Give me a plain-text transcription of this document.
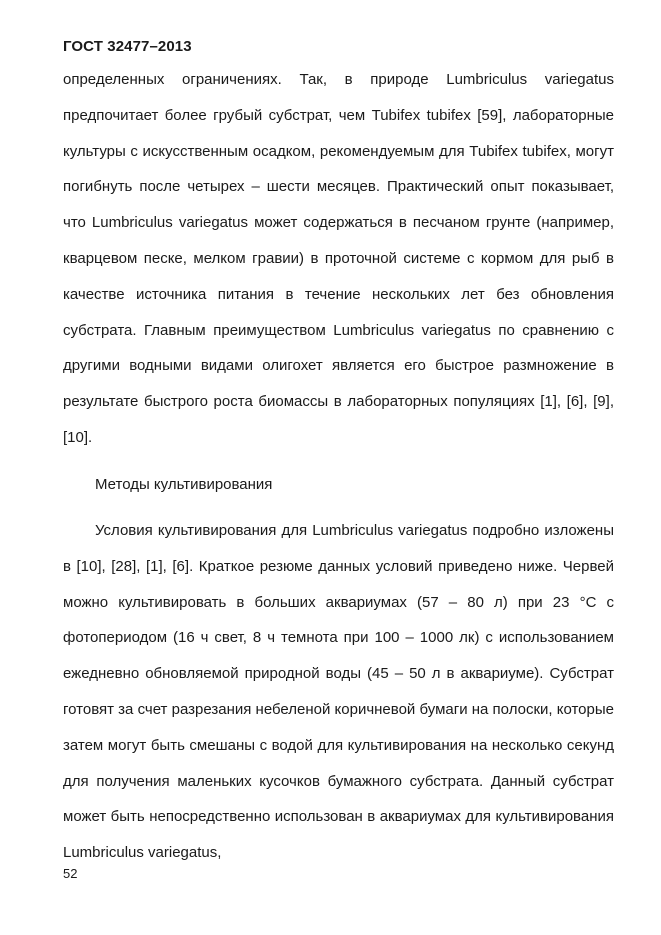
ГОСТ 32477–2013
определенных ограничениях. Так, в природе Lumbriculus variegatus предпочитает более грубый субстрат, чем Tubifex tubifex [59], лабораторные культуры с искусственным осадком, рекомендуемым для Tubifex tubifex, могут погибнуть после четырех – шести месяцев. Практический опыт показывает, что Lumbriculus variegatus может содержаться в песчаном грунте (например, кварцевом песке, мелком гравии) в проточной системе с кормом для рыб в качестве источника питания в течение нескольких лет без обновления субстрата. Главным преимуществом Lumbriculus variegatus по сравнению с другими водными видами олигохет является его быстрое размножение в результате быстрого роста биомассы в лабораторных популяциях [1], [6], [9], [10].
Методы культивирования
Условия культивирования для Lumbriculus variegatus подробно изложены в [10], [28], [1], [6]. Краткое резюме данных условий приведено ниже. Червей можно культивировать в больших аквариумах (57 – 80 л) при 23 °С с фотопериодом (16 ч свет, 8 ч темнота при 100 – 1000 лк) с использованием ежедневно обновляемой природной воды (45 – 50 л в аквариуме). Субстрат готовят за счет разрезания небеленой коричневой бумаги на полоски, которые затем могут быть смешаны с водой для культивирования на несколько секунд для получения маленьких кусочков бумажного субстрата. Данный субстрат может быть непосредственно использован в аквариумах для культивирования Lumbriculus variegatus,
52
